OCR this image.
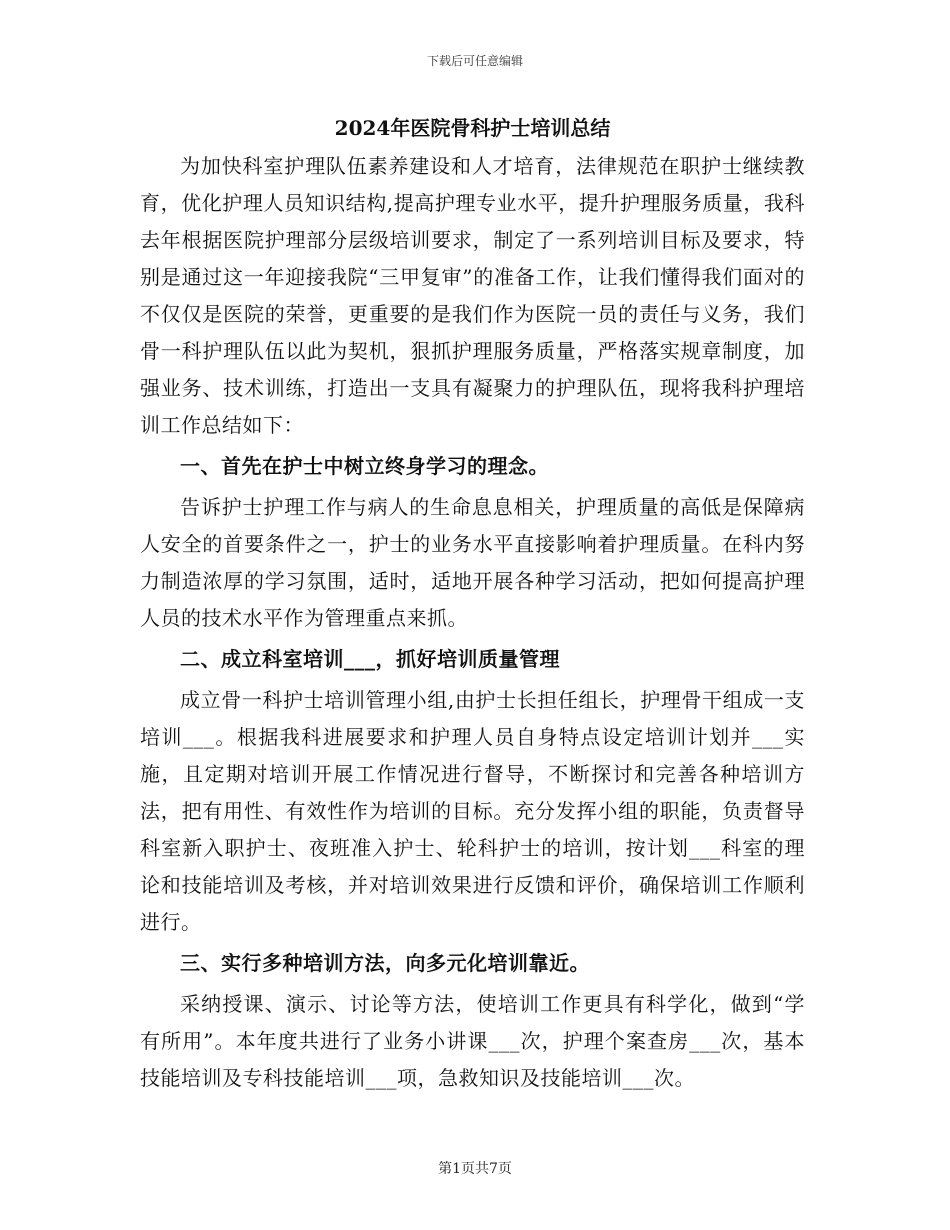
下载后可任意编辑
2024年医院骨科护士培训总结

为加快科室护理队伍素养建设和人才培育，法律规范在职护士继续教育，优化护理人员知识结构,提高护理专业水平，提升护理服务质量，我科去年根据医院护理部分层级培训要求，制定了一系列培训目标及要求，特别是通过这一年迎接我院“三甲复审”的准备工作，让我们懂得我们面对的不仅仅是医院的荣誉，更重要的是我们作为医院一员的责任与义务，我们骨一科护理队伍以此为契机，狠抓护理服务质量，严格落实规章制度，加强业务、技术训练，打造出一支具有凝聚力的护理队伍，现将我科护理培训工作总结如下：

一、首先在护士中树立终身学习的理念。

告诉护士护理工作与病人的生命息息相关，护理质量的高低是保障病人安全的首要条件之一，护士的业务水平直接影响着护理质量。在科内努力制造浓厚的学习氛围，适时，适地开展各种学习活动，把如何提高护理人员的技术水平作为管理重点来抓。

二、成立科室培训___，抓好培训质量管理

成立骨一科护士培训管理小组,由护士长担任组长，护理骨干组成一支培训___。根据我科进展要求和护理人员自身特点设定培训计划并___实施，且定期对培训开展工作情况进行督导，不断探讨和完善各种培训方法，把有用性、有效性作为培训的目标。充分发挥小组的职能，负责督导科室新入职护士、夜班准入护士、轮科护士的培训，按计划___科室的理论和技能培训及考核，并对培训效果进行反馈和评价，确保培训工作顺利进行。

三、实行多种培训方法，向多元化培训靠近。

采纳授课、演示、讨论等方法，使培训工作更具有科学化，做到“学有所用”。本年度共进行了业务小讲课___次，护理个案查房___次，基本技能培训及专科技能培训___项，急救知识及技能培训___次。

第1页共7页
